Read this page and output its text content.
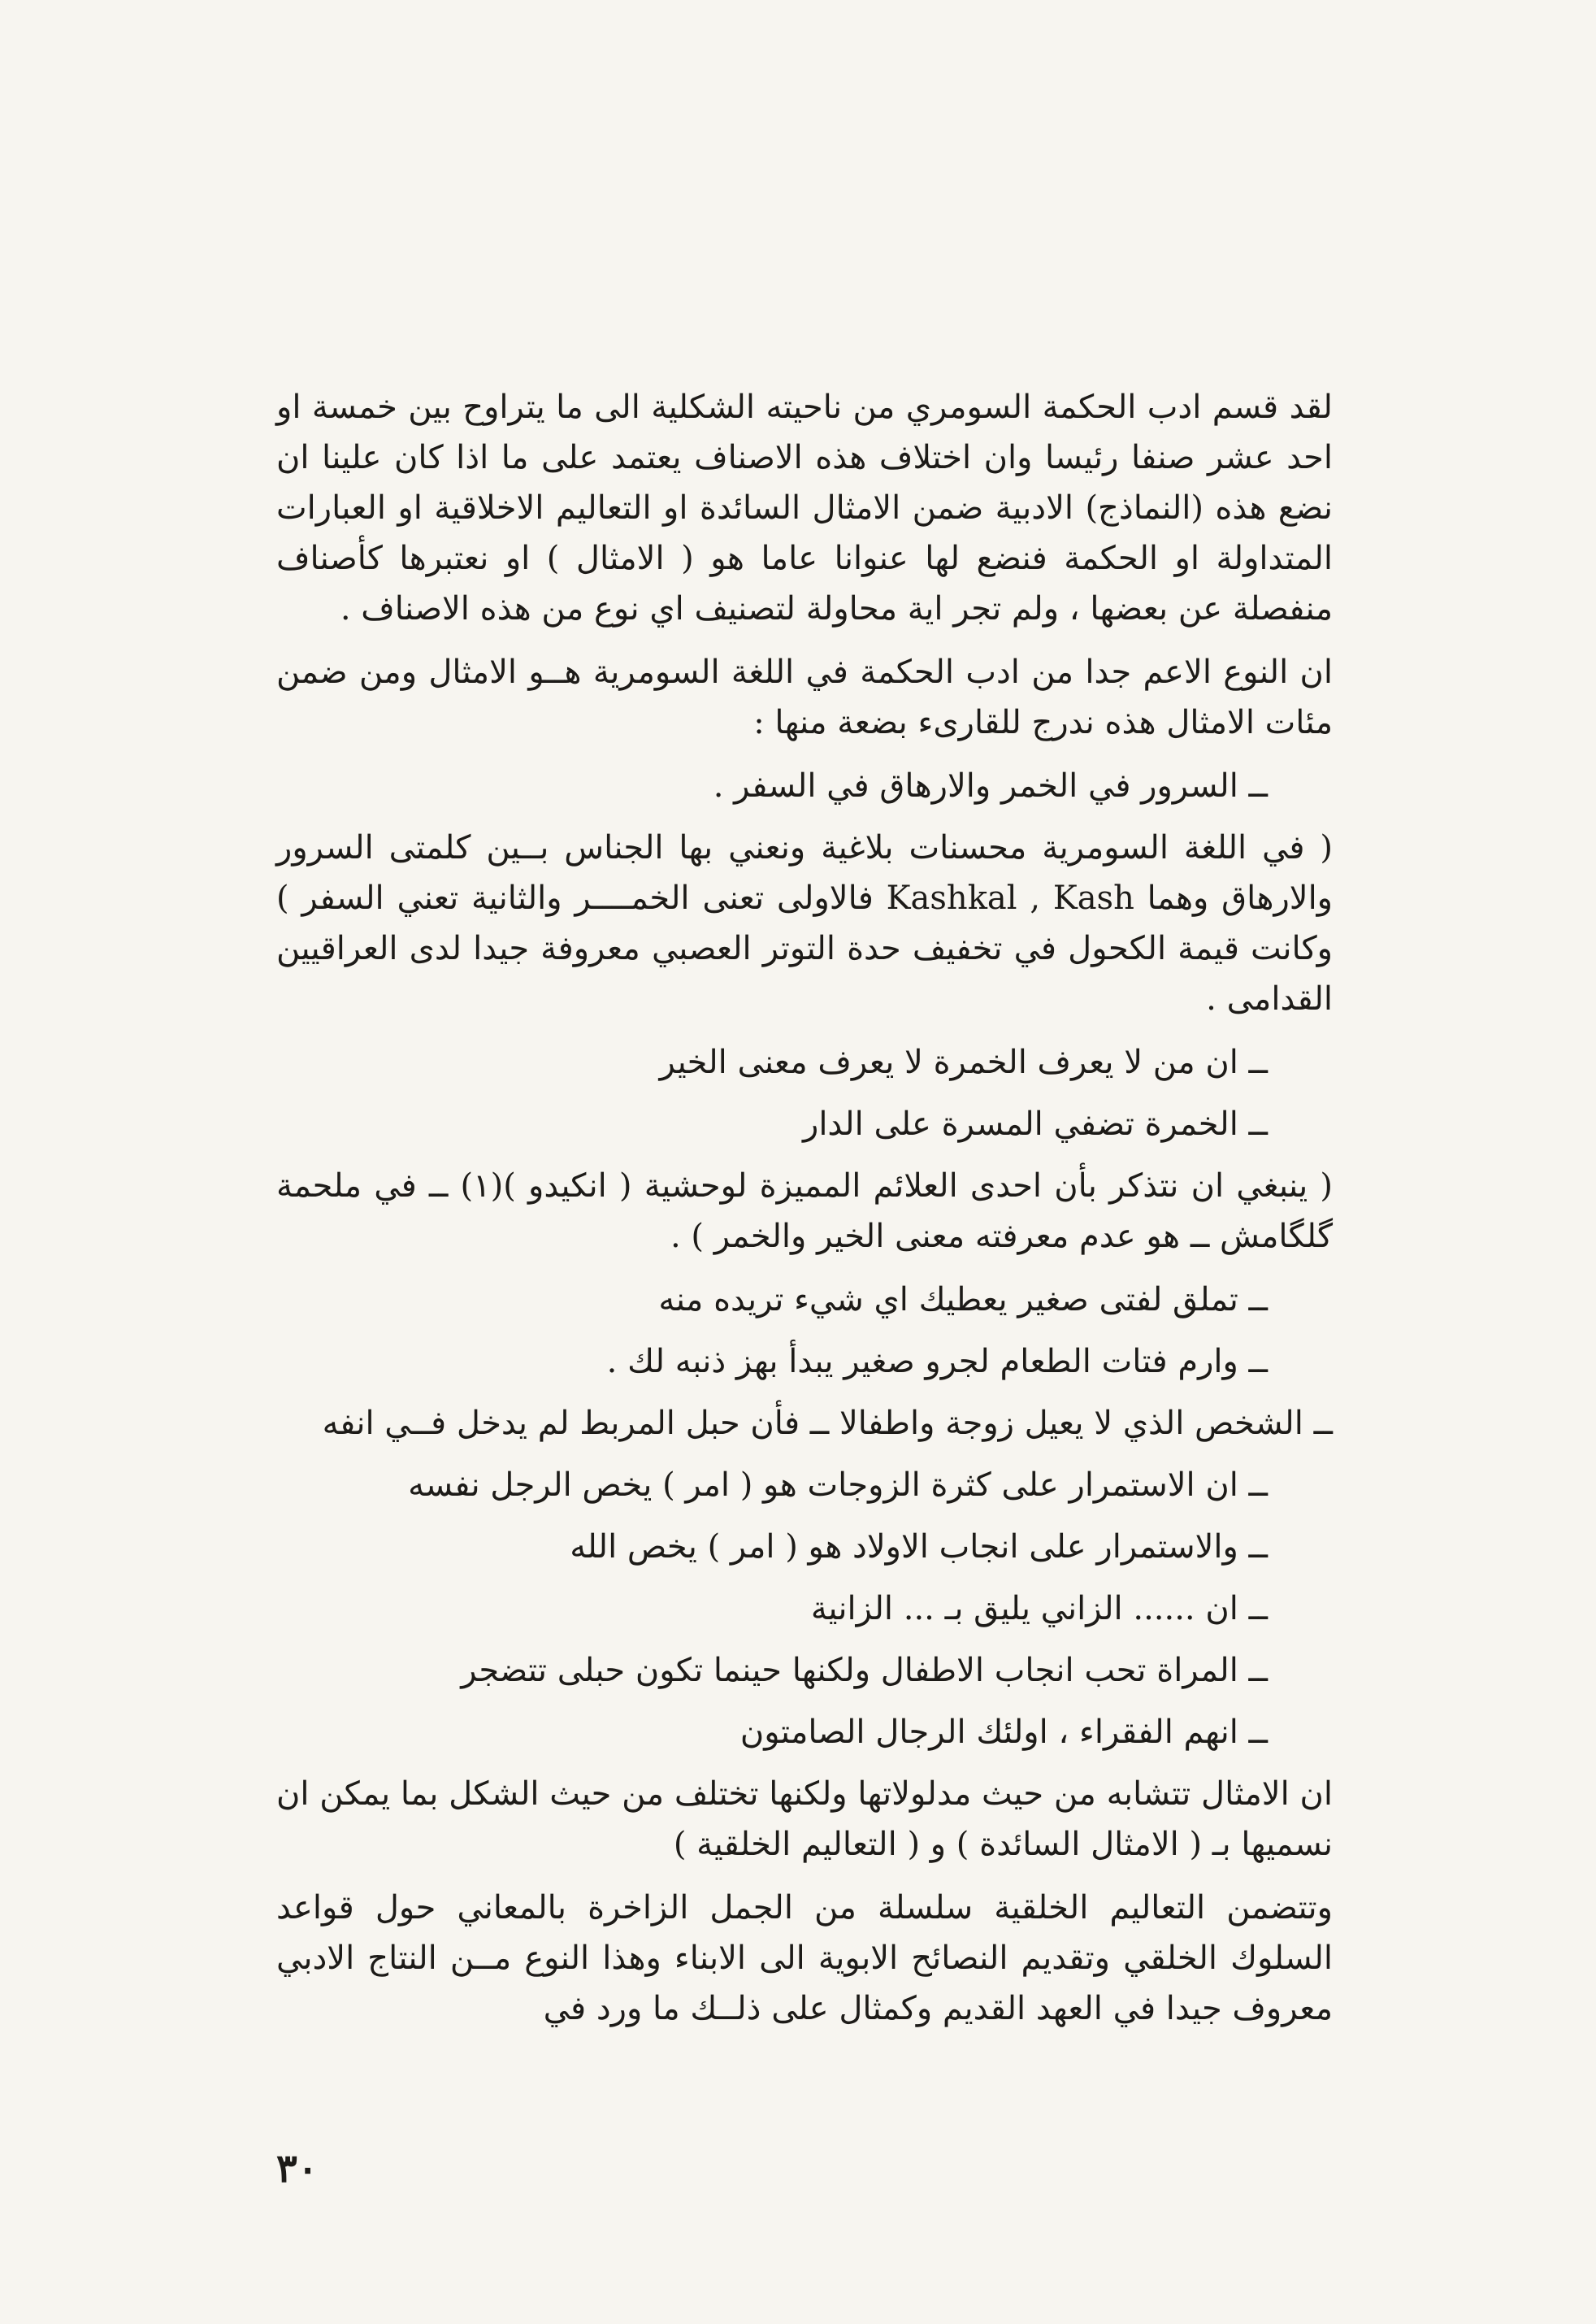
لقد قسم ادب الحكمة السومري من ناحيته الشكلية الى ما يتراوح بين خمسة او احد عشر صنفا رئيسا وان اختلاف هذه الاصناف يعتمد على ما اذا كان علينا ان نضع هذه (النماذج) الادبية ضمن الامثال السائدة او التعاليم الاخلاقية او العبارات المتداولة او الحكمة فنضع لها عنوانا عاما هو ( الامثال ) او نعتبرها كأصناف منفصلة عن بعضها ، ولم تجر اية محاولة لتصنيف اي نوع من هذه الاصناف .

ان النوع الاعم جدا من ادب الحكمة في اللغة السومرية هــو الامثال ومن ضمن مئات الامثال هذه ندرج للقارىء بضعة منها :

ــ السرور في الخمر والارهاق في السفر .

( في اللغة السومرية محسنات بلاغية ونعني بها الجناس بــين كلمتى السرور والارهاق وهما Kashkal , Kash فالاولى تعنى الخمــــر والثانية تعني السفر ) وكانت قيمة الكحول في تخفيف حدة التوتر العصبي معروفة جيدا لدى العراقيين القدامى .

ــ ان من لا يعرف الخمرة لا يعرف معنى الخير

ــ الخمرة تضفي المسرة على الدار

( ينبغي ان نتذكر بأن احدى العلائم المميزة لوحشية ( انكيدو )(١) ــ في ملحمة گلگامش ــ هو عدم معرفته معنى الخير والخمر ) .

ــ تملق لفتى صغير يعطيك اي شيء تريده منه

ــ وارم فتات الطعام لجرو صغير يبدأ بهز ذنبه لك .

ــ الشخص الذي لا يعيل زوجة واطفالا ــ فأن حبل المربط لم يدخل فــي انفه

ــ ان الاستمرار على كثرة الزوجات هو ( امر ) يخص الرجل نفسه

ــ والاستمرار على انجاب الاولاد هو ( امر ) يخص الله

ــ ان ...... الزاني يليق بـ ... الزانية

ــ المراة تحب انجاب الاطفال ولكنها حينما تكون حبلى تتضجر

ــ انهم الفقراء ، اولئك الرجال الصامتون

ان الامثال تتشابه من حيث مدلولاتها ولكنها تختلف من حيث الشكل بما يمكن ان نسميها بـ ( الامثال السائدة ) و ( التعاليم الخلقية )

وتتضمن التعاليم الخلقية سلسلة من الجمل الزاخرة بالمعاني حول قواعد السلوك الخلقي وتقديم النصائح الابوية الى الابناء وهذا النوع مــن النتاج الادبي معروف جيدا في العهد القديم وكمثال على ذلــك ما ورد في

٣٠
